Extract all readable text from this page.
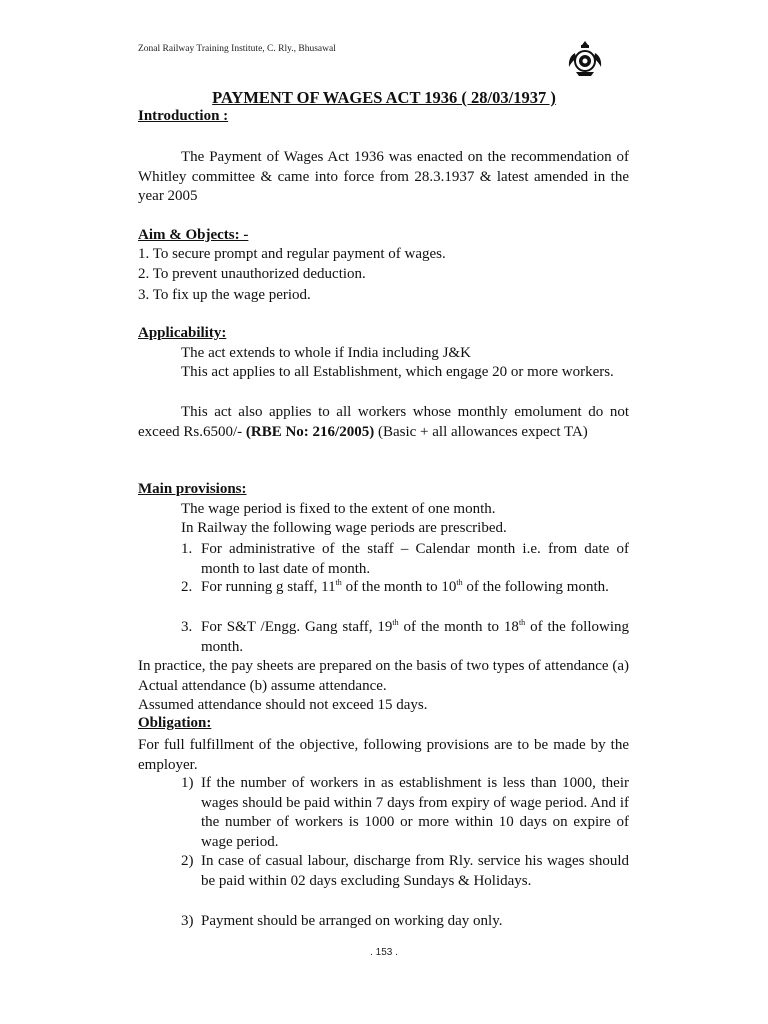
Zonal Railway Training Institute, C. Rly., Bhusawal
PAYMENT OF WAGES ACT 1936 ( 28/03/1937 )
Introduction :
The Payment of Wages Act 1936 was enacted on the recommendation of Whitley committee & came into force from 28.3.1937 & latest amended in the year 2005
Aim & Objects: -
1. To secure prompt and regular payment of wages.
2. To prevent unauthorized deduction.
3. To fix up the wage period.
Applicability:
The act extends to whole if India including J&K
This act applies to all Establishment, which engage 20 or more workers.
This act also applies to all workers whose monthly emolument do not exceed Rs.6500/- (RBE No: 216/2005) (Basic + all allowances expect TA)
Main provisions:
The wage period is fixed to the extent of one month.
In Railway the following wage periods are prescribed.
1. For administrative of the staff – Calendar month i.e. from date of month to last date of month.
2. For running g staff, 11th of the month to 10th of the following month.
3. For S&T /Engg. Gang staff, 19th of the month to 18th of the following month.
In practice, the pay sheets are prepared on the basis of two types of attendance (a) Actual attendance (b) assume attendance.
Assumed attendance should not exceed 15 days.
Obligation:
For full fulfillment of the objective, following provisions are to be made by the employer.
1) If the number of workers in as establishment is less than 1000, their wages should be paid within 7 days from expiry of wage period. And if the number of workers is 1000 or more within 10 days on expire of wage period.
2) In case of casual labour, discharge from Rly. service his wages should be paid within 02 days excluding Sundays & Holidays.
3) Payment should be arranged on working day only.
. 153 .
